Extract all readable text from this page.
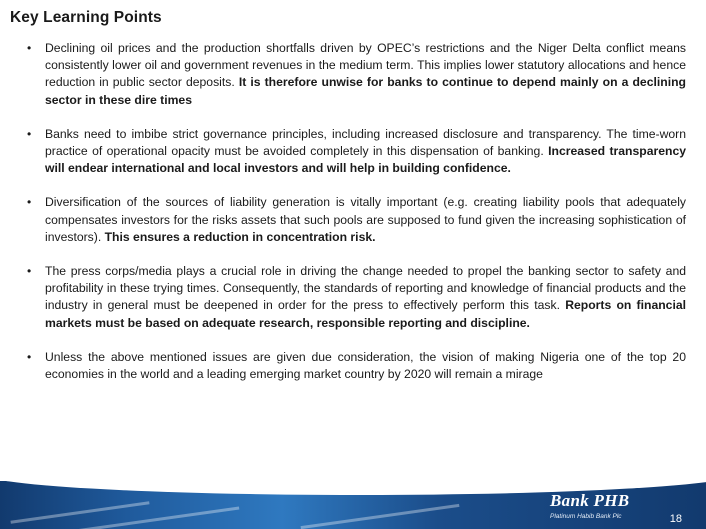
Key Learning Points
• Declining oil prices and the production shortfalls driven by OPEC’s restrictions and the Niger Delta conflict means consistently lower oil and government revenues in the medium term. This implies lower statutory allocations and hence reduction in public sector deposits. It is therefore unwise for banks to continue to depend mainly on a declining sector in these dire times
• Banks need to imbibe strict governance principles, including increased disclosure and transparency. The time-worn practice of operational opacity must be avoided completely in this dispensation of banking. Increased transparency will endear international and local investors and will help in building confidence.
• Diversification of the sources of liability generation is vitally important (e.g. creating liability pools that adequately compensates investors for the risks assets that such pools are supposed to fund given the increasing sophistication of investors). This ensures a reduction in concentration risk.
• The press corps/media plays a crucial role in driving the change needed to propel the banking sector to safety and profitability in these trying times. Consequently, the standards of reporting and knowledge of financial products and the industry in general must be deepened in order for the press to effectively perform this task. Reports on financial markets must be based on adequate research, responsible reporting and discipline.
• Unless the above mentioned issues are given due consideration, the vision of making Nigeria one of the top 20 economies in the world and a leading emerging market country by 2020 will remain a mirage
Bank PHB
Platinum Habib Bank Plc	18
